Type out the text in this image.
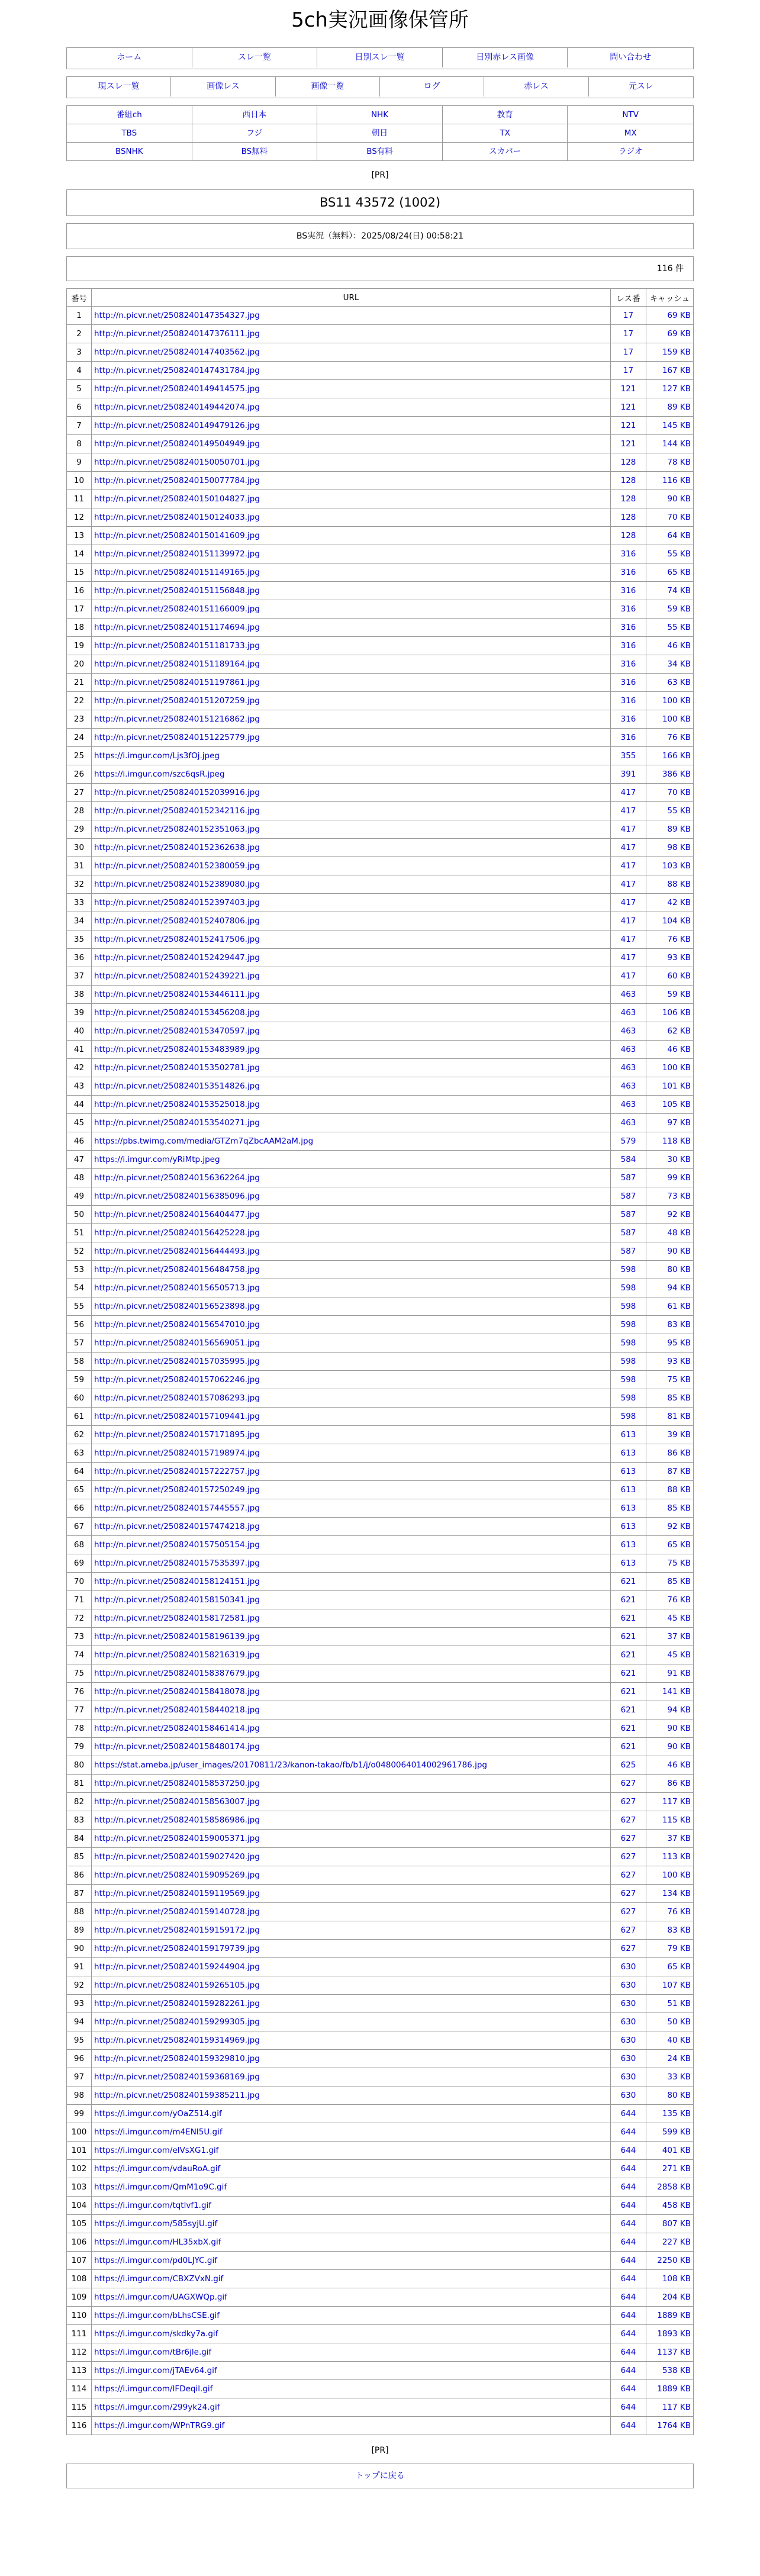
5ch実況画像保管所
ホーム	スレ一覧	日別スレ一覧	日別赤レス画像	問い合わせ
現スレ一覧	画像レス	画像一覧	ログ	赤レス	元スレ
番組ch	西日本	NHK	教育	NTV
TBS	フジ	朝日	TX	MX
BSNHK	BS無料	BS有料	スカパー	ラジオ
[PR]
BS11 43572 (1002)
BS実況（無料）：2025/08/24(日) 00:58:21
116 件
番号	URL	レス番	キャッシュ
1	http://n.picvr.net/2508240147354327.jpg	17	69 KB
2	http://n.picvr.net/2508240147376111.jpg	17	69 KB
3	http://n.picvr.net/2508240147403562.jpg	17	159 KB
4	http://n.picvr.net/2508240147431784.jpg	17	167 KB
5	http://n.picvr.net/2508240149414575.jpg	121	127 KB
6	http://n.picvr.net/2508240149442074.jpg	121	89 KB
7	http://n.picvr.net/2508240149479126.jpg	121	145 KB
8	http://n.picvr.net/2508240149504949.jpg	121	144 KB
9	http://n.picvr.net/2508240150050701.jpg	128	78 KB
10	http://n.picvr.net/2508240150077784.jpg	128	116 KB
11	http://n.picvr.net/2508240150104827.jpg	128	90 KB
12	http://n.picvr.net/2508240150124033.jpg	128	70 KB
13	http://n.picvr.net/2508240150141609.jpg	128	64 KB
14	http://n.picvr.net/2508240151139972.jpg	316	55 KB
15	http://n.picvr.net/2508240151149165.jpg	316	65 KB
16	http://n.picvr.net/2508240151156848.jpg	316	74 KB
17	http://n.picvr.net/2508240151166009.jpg	316	59 KB
18	http://n.picvr.net/2508240151174694.jpg	316	55 KB
19	http://n.picvr.net/2508240151181733.jpg	316	46 KB
20	http://n.picvr.net/2508240151189164.jpg	316	34 KB
21	http://n.picvr.net/2508240151197861.jpg	316	63 KB
22	http://n.picvr.net/2508240151207259.jpg	316	100 KB
23	http://n.picvr.net/2508240151216862.jpg	316	100 KB
24	http://n.picvr.net/2508240151225779.jpg	316	76 KB
25	https://i.imgur.com/Ljs3fOj.jpeg	355	166 KB
26	https://i.imgur.com/szc6qsR.jpeg	391	386 KB
27	http://n.picvr.net/2508240152039916.jpg	417	70 KB
28	http://n.picvr.net/2508240152342116.jpg	417	55 KB
29	http://n.picvr.net/2508240152351063.jpg	417	89 KB
30	http://n.picvr.net/2508240152362638.jpg	417	98 KB
31	http://n.picvr.net/2508240152380059.jpg	417	103 KB
32	http://n.picvr.net/2508240152389080.jpg	417	88 KB
33	http://n.picvr.net/2508240152397403.jpg	417	42 KB
34	http://n.picvr.net/2508240152407806.jpg	417	104 KB
35	http://n.picvr.net/2508240152417506.jpg	417	76 KB
36	http://n.picvr.net/2508240152429447.jpg	417	93 KB
37	http://n.picvr.net/2508240152439221.jpg	417	60 KB
38	http://n.picvr.net/2508240153446111.jpg	463	59 KB
39	http://n.picvr.net/2508240153456208.jpg	463	106 KB
40	http://n.picvr.net/2508240153470597.jpg	463	62 KB
41	http://n.picvr.net/2508240153483989.jpg	463	46 KB
42	http://n.picvr.net/2508240153502781.jpg	463	100 KB
43	http://n.picvr.net/2508240153514826.jpg	463	101 KB
44	http://n.picvr.net/2508240153525018.jpg	463	105 KB
45	http://n.picvr.net/2508240153540271.jpg	463	97 KB
46	https://pbs.twimg.com/media/GTZm7qZbcAAM2aM.jpg	579	118 KB
47	https://i.imgur.com/yRiMtp.jpeg	584	30 KB
48	http://n.picvr.net/2508240156362264.jpg	587	99 KB
49	http://n.picvr.net/2508240156385096.jpg	587	73 KB
50	http://n.picvr.net/2508240156404477.jpg	587	92 KB
51	http://n.picvr.net/2508240156425228.jpg	587	48 KB
52	http://n.picvr.net/2508240156444493.jpg	587	90 KB
53	http://n.picvr.net/2508240156484758.jpg	598	80 KB
54	http://n.picvr.net/2508240156505713.jpg	598	94 KB
55	http://n.picvr.net/2508240156523898.jpg	598	61 KB
56	http://n.picvr.net/2508240156547010.jpg	598	83 KB
57	http://n.picvr.net/2508240156569051.jpg	598	95 KB
58	http://n.picvr.net/2508240157035995.jpg	598	93 KB
59	http://n.picvr.net/2508240157062246.jpg	598	75 KB
60	http://n.picvr.net/2508240157086293.jpg	598	85 KB
61	http://n.picvr.net/2508240157109441.jpg	598	81 KB
62	http://n.picvr.net/2508240157171895.jpg	613	39 KB
63	http://n.picvr.net/2508240157198974.jpg	613	86 KB
64	http://n.picvr.net/2508240157222757.jpg	613	87 KB
65	http://n.picvr.net/2508240157250249.jpg	613	88 KB
66	http://n.picvr.net/2508240157445557.jpg	613	85 KB
67	http://n.picvr.net/2508240157474218.jpg	613	92 KB
68	http://n.picvr.net/2508240157505154.jpg	613	65 KB
69	http://n.picvr.net/2508240157535397.jpg	613	75 KB
70	http://n.picvr.net/2508240158124151.jpg	621	85 KB
71	http://n.picvr.net/2508240158150341.jpg	621	76 KB
72	http://n.picvr.net/2508240158172581.jpg	621	45 KB
73	http://n.picvr.net/2508240158196139.jpg	621	37 KB
74	http://n.picvr.net/2508240158216319.jpg	621	45 KB
75	http://n.picvr.net/2508240158387679.jpg	621	91 KB
76	http://n.picvr.net/2508240158418078.jpg	621	141 KB
77	http://n.picvr.net/2508240158440218.jpg	621	94 KB
78	http://n.picvr.net/2508240158461414.jpg	621	90 KB
79	http://n.picvr.net/2508240158480174.jpg	621	90 KB
80	https://stat.ameba.jp/user_images/20170811/23/kanon-takao/fb/b1/j/o0480064014002961786.jpg	625	46 KB
81	http://n.picvr.net/2508240158537250.jpg	627	86 KB
82	http://n.picvr.net/2508240158563007.jpg	627	117 KB
83	http://n.picvr.net/2508240158586986.jpg	627	115 KB
84	http://n.picvr.net/2508240159005371.jpg	627	37 KB
85	http://n.picvr.net/2508240159027420.jpg	627	113 KB
86	http://n.picvr.net/2508240159095269.jpg	627	100 KB
87	http://n.picvr.net/2508240159119569.jpg	627	134 KB
88	http://n.picvr.net/2508240159140728.jpg	627	76 KB
89	http://n.picvr.net/2508240159159172.jpg	627	83 KB
90	http://n.picvr.net/2508240159179739.jpg	627	79 KB
91	http://n.picvr.net/2508240159244904.jpg	630	65 KB
92	http://n.picvr.net/2508240159265105.jpg	630	107 KB
93	http://n.picvr.net/2508240159282261.jpg	630	51 KB
94	http://n.picvr.net/2508240159299305.jpg	630	50 KB
95	http://n.picvr.net/2508240159314969.jpg	630	40 KB
96	http://n.picvr.net/2508240159329810.jpg	630	24 KB
97	http://n.picvr.net/2508240159368169.jpg	630	33 KB
98	http://n.picvr.net/2508240159385211.jpg	630	80 KB
99	https://i.imgur.com/yOaZ514.gif	644	135 KB
100	https://i.imgur.com/m4ENI5U.gif	644	599 KB
101	https://i.imgur.com/elVsXG1.gif	644	401 KB
102	https://i.imgur.com/vdauRoA.gif	644	271 KB
103	https://i.imgur.com/QmM1o9C.gif	644	2858 KB
104	https://i.imgur.com/tqtlvf1.gif	644	458 KB
105	https://i.imgur.com/585syjU.gif	644	807 KB
106	https://i.imgur.com/HL35xbX.gif	644	227 KB
107	https://i.imgur.com/pd0LJYC.gif	644	2250 KB
108	https://i.imgur.com/CBXZVxN.gif	644	108 KB
109	https://i.imgur.com/UAGXWQp.gif	644	204 KB
110	https://i.imgur.com/bLhsCSE.gif	644	1889 KB
111	https://i.imgur.com/skdky7a.gif	644	1893 KB
112	https://i.imgur.com/tBr6jle.gif	644	1137 KB
113	https://i.imgur.com/jTAEv64.gif	644	538 KB
114	https://i.imgur.com/IFDeqil.gif	644	1889 KB
115	https://i.imgur.com/299yk24.gif	644	117 KB
116	https://i.imgur.com/WPnTRG9.gif	644	1764 KB
[PR]
トップに戻る
